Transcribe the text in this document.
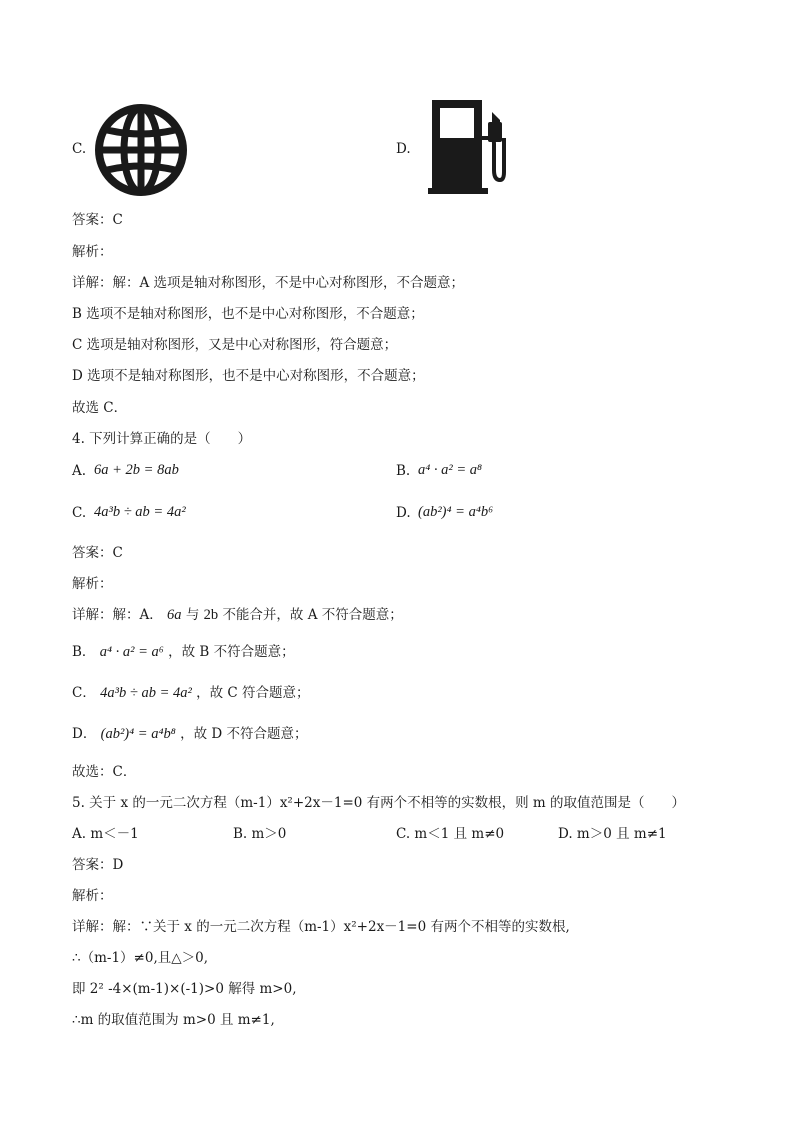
C.	D.
答案：C
解析：
详解：解：A 选项是轴对称图形，不是中心对称图形，不合题意；
B 选项不是轴对称图形，也不是中心对称图形，不合题意；
C 选项是轴对称图形，又是中心对称图形，符合题意；
D 选项不是轴对称图形，也不是中心对称图形，不合题意；
故选 C．
4. 下列计算正确的是（　　）
A. 6a + 2b = 8ab	B. a⁴ · a² = a⁸
C. 4a³b ÷ ab = 4a²	D. (ab²)⁴ = a⁴b⁶
答案：C
解析：
详解：解：A． 6a 与 2b 不能合并，故 A 不符合题意；
B． a⁴ · a² = a⁶ ，故 B 不符合题意；
C． 4a³b ÷ ab = 4a² ，故 C 符合题意；
D． (ab²)⁴ = a⁴b⁸ ，故 D 不符合题意；
故选：C．
5. 关于 x 的一元二次方程（m-1）x²+2x－1=0 有两个不相等的实数根，则 m 的取值范围是（　　）
A. m＜－1	B. m＞0	C. m＜1 且 m≠0	D. m＞0 且 m≠1
答案：D
解析：
详解：解：∵关于 x 的一元二次方程（m-1）x²+2x－1=0 有两个不相等的实数根,
∴（m-1）≠0,且△＞0,
即 2² -4×(m-1)×(-1)>0 解得 m>0,
∴m 的取值范围为 m>0 且 m≠1,
